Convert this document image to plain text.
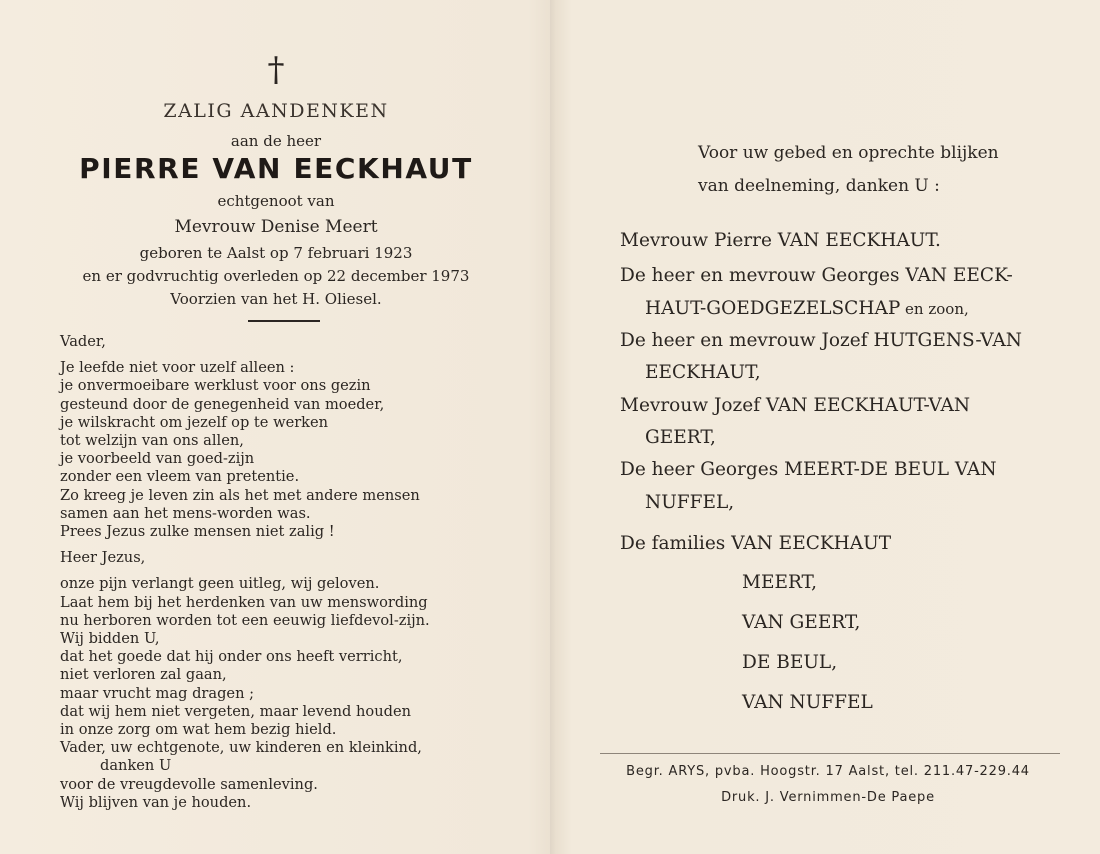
†
ZALIG AANDENKEN
aan de heer
PIERRE VAN EECKHAUT
echtgenoot van
Mevrouw Denise Meert
geboren te Aalst op 7 februari 1923
en er godvruchtig overleden op 22 december 1973
Voorzien van het H. Oliesel.
Vader,
Je leefde niet voor uzelf alleen :
je onvermoeibare werklust voor ons gezin
gesteund door de genegenheid van moeder,
je wilskracht om jezelf op te werken
tot welzijn van ons allen,
je voorbeeld van goed-zijn
zonder een vleem van pretentie.
Zo kreeg je leven zin als het met andere mensen
samen aan het mens-worden was.
Prees Jezus zulke mensen niet zalig !
Heer Jezus,
onze pijn verlangt geen uitleg, wij geloven.
Laat hem bij het herdenken van uw menswording
nu herboren worden tot een eeuwig liefdevol-zijn.
Wij bidden U,
dat het goede dat hij onder ons heeft verricht,
niet verloren zal gaan,
maar vrucht mag dragen ;
dat wij hem niet vergeten, maar levend houden
in onze zorg om wat hem bezig hield.
Vader, uw echtgenote, uw kinderen en kleinkind,
danken U
voor de vreugdevolle samenleving.
Wij blijven van je houden.
Voor uw gebed en oprechte blijken
van deelneming, danken U :
Mevrouw Pierre VAN EECKHAUT.
De heer en mevrouw Georges VAN EECK-
HAUT-GOEDGEZELSCHAP en zoon,
De heer en mevrouw Jozef HUTGENS-VAN
EECKHAUT,
Mevrouw Jozef VAN EECKHAUT-VAN
GEERT,
De heer Georges MEERT-DE BEUL VAN
NUFFEL,
De families VAN EECKHAUT
MEERT,
VAN GEERT,
DE BEUL,
VAN NUFFEL
Begr. ARYS, pvba. Hoogstr. 17 Aalst, tel. 211.47-229.44
Druk. J. Vernimmen-De Paepe
